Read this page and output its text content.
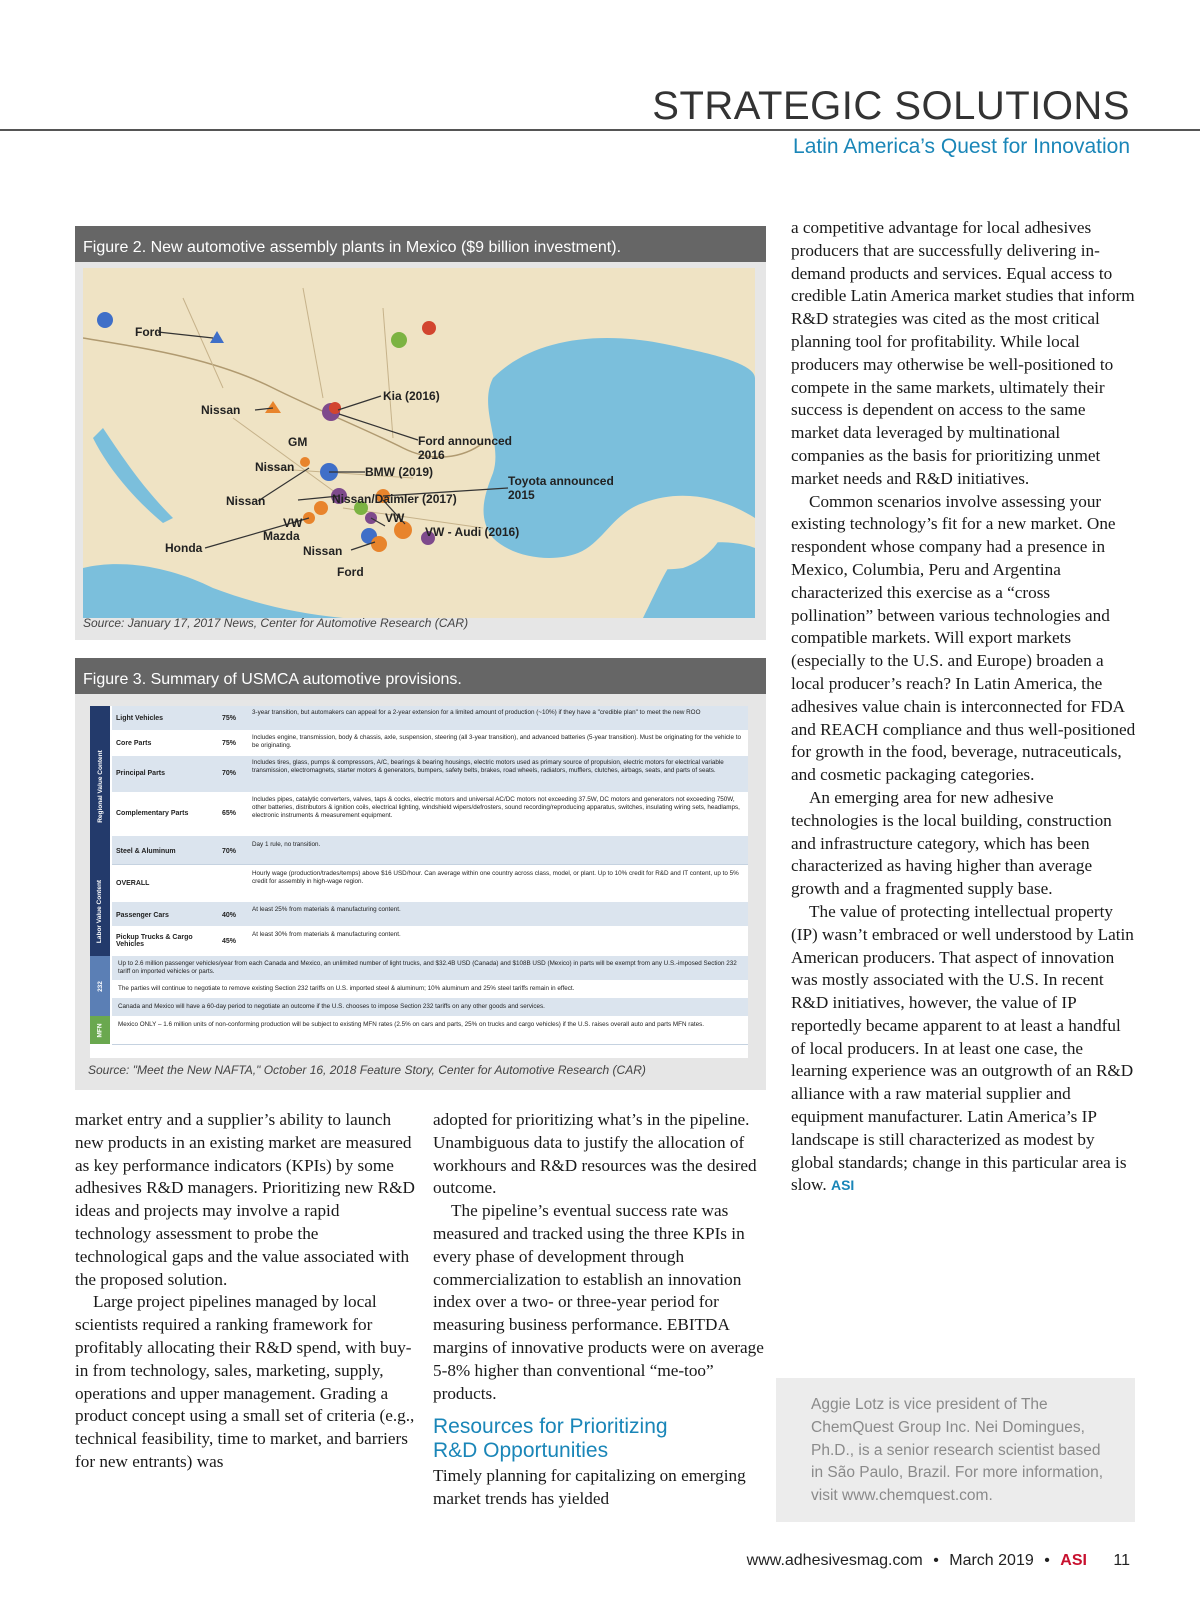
STRATEGIC SOLUTIONS
Latin America’s Quest for Innovation
Figure 2. New automotive assembly plants in Mexico ($9 billion investment).
Ford
Nissan
Kia (2016)
GM	Ford announced
2016
Nissan	BMW (2019)
Toyota announced
2015
Nissan	Nissan/Daimler (2017)
VW	VW
Mazda	VW - Audi (2016)
Honda	Nissan
Ford
Source: January 17, 2017 News, Center for Automotive Research (CAR)
Figure 3. Summary of USMCA automotive provisions.
Regional Value Content
Labor Value Content
232
MFN
Light Vehicles	75%
3-year transition, but automakers can appeal for a 2-year extension for a limited amount of production (~10%) if they have a "credible plan" to meet the new ROO
Core Parts	75%
Includes engine, transmission, body & chassis, axle, suspension, steering (all 3-year transition), and advanced batteries (5-year transition). Must be originating for the vehicle to be originating.
Principal Parts	70%
Includes tires, glass, pumps & compressors, A/C, bearings & bearing housings, electric motors used as primary source of propulsion, electric motors for electrical variable transmission, electromagnets, starter motors & generators, bumpers, safety belts, brakes, road wheels, radiators, mufflers, clutches, airbags, seats, and parts of seats.
Complementary Parts	65%
Includes pipes, catalytic converters, valves, taps & cocks, electric motors and universal AC/DC motors not exceeding 37.5W, DC motors and generators not exceeding 750W, other batteries, distributors & ignition coils, electrical lighting, windshield wipers/defrosters, sound recording/reproducing apparatus, switches, insulating wiring sets, headlamps, electronic instruments & measurement equipment.
Steel & Aluminum	70%
Day 1 rule, no transition.
OVERALL
Hourly wage (production/trades/temps) above $16 USD/hour. Can average within one country across class, model, or plant. Up to 10% credit for R&D and IT content, up to 5% credit for assembly in high-wage region.
Passenger Cars	40%
At least 25% from materials & manufacturing content.
Pickup Trucks & Cargo Vehicles	45%
At least 30% from materials & manufacturing content.
Up to 2.6 million passenger vehicles/year from each Canada and Mexico, an unlimited number of light trucks, and $32.4B USD (Canada) and $108B USD (Mexico) in parts will be exempt from any U.S.-imposed Section 232 tariff on imported vehicles or parts.
The parties will continue to negotiate to remove existing Section 232 tariffs on U.S. imported steel & aluminum; 10% aluminum and 25% steel tariffs remain in effect.
Canada and Mexico will have a 60-day period to negotiate an outcome if the U.S. chooses to impose Section 232 tariffs on any other goods and services.
Mexico ONLY – 1.6 million units of non-conforming production will be subject to existing MFN rates (2.5% on cars and parts, 25% on trucks and cargo vehicles) if the U.S. raises overall auto and parts MFN rates.
Source: "Meet the New NAFTA," October 16, 2018 Feature Story, Center for Automotive Research (CAR)

market entry and a supplier’s ability to launch new products in an existing market are measured as key performance indicators (KPIs) by some adhesives R&D managers. Prioritizing new R&D ideas and projects may involve a rapid technology assessment to probe the technological gaps and the value associated with the proposed solution.

Large project pipelines managed by local scientists required a ranking framework for profitably allocating their R&D spend, with buy-in from technology, sales, marketing, supply, operations and upper management. Grading a product concept using a small set of criteria (e.g., technical feasibility, time to market, and barriers for new entrants) was

adopted for prioritizing what’s in the pipeline. Unambiguous data to justify the allocation of workhours and R&D resources was the desired outcome.

The pipeline’s eventual success rate was measured and tracked using the three KPIs in every phase of development through commercialization to establish an innovation index over a two- or three-year period for measuring business performance. EBITDA margins of innovative products were on average 5-8% higher than conventional “me-too” products.

Resources for Prioritizing
R&D Opportunities

Timely planning for capitalizing on emerging market trends has yielded

a competitive advantage for local adhesives producers that are successfully delivering in-demand products and services. Equal access to credible Latin America market studies that inform R&D strategies was cited as the most critical planning tool for profitability. While local producers may otherwise be well-positioned to compete in the same markets, ultimately their success is dependent on access to the same market data leveraged by multinational companies as the basis for prioritizing unmet market needs and R&D initiatives.

Common scenarios involve assessing your existing technology’s fit for a new market. One respondent whose company had a presence in Mexico, Columbia, Peru and Argentina characterized this exercise as a “cross pollination” between various technologies and compatible markets. Will export markets (especially to the U.S. and Europe) broaden a local producer’s reach? In Latin America, the adhesives value chain is interconnected for FDA and REACH compliance and thus well-positioned for growth in the food, beverage, nutraceuticals, and cosmetic packaging categories.

An emerging area for new adhesive technologies is the local building, construction and infrastructure category, which has been characterized as having higher than average growth and a fragmented supply base.

The value of protecting intellectual property (IP) wasn’t embraced or well understood by Latin American producers. That aspect of innovation was mostly associated with the U.S. In recent R&D initiatives, however, the value of IP reportedly became apparent to at least a handful of local producers. In at least one case, the learning experience was an outgrowth of an R&D alliance with a raw material supplier and equipment manufacturer. Latin America’s IP landscape is still characterized as modest by global standards; change in this particular area is slow. ASI

Aggie Lotz is vice president of The ChemQuest Group Inc. Nei Domingues, Ph.D., is a senior research scientist based in São Paulo, Brazil. For more information, visit www.chemquest.com.
www.adhesivesmag.com • March 2019 • ASI 11
